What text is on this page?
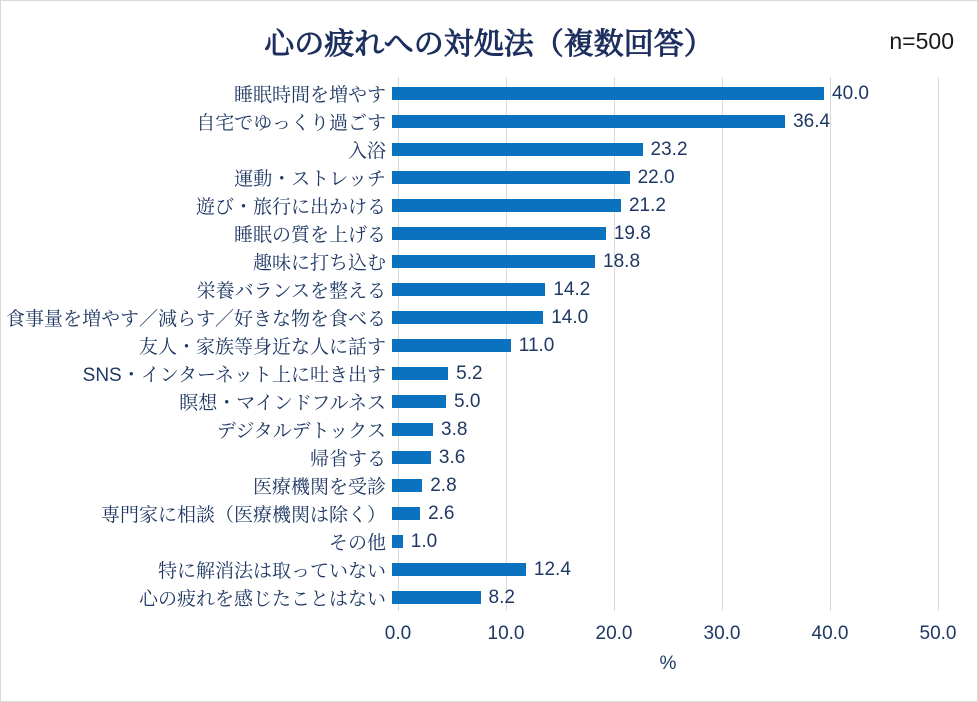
心の疲れへの対処法（複数回答）	n=500
睡眠時間を増やす	40.0
自宅でゆっくり過ごす	36.4
入浴	23.2
運動・ストレッチ	22.0
遊び・旅行に出かける	21.2
睡眠の質を上げる	19.8
趣味に打ち込む	18.8
栄養バランスを整える	14.2
食事量を増やす／減らす／好きな物を食べる	14.0
友人・家族等身近な人に話す	11.0
SNS・インターネット上に吐き出す	5.2
瞑想・マインドフルネス	5.0
デジタルデトックス	3.8
帰省する	3.6
医療機関を受診	2.8
専門家に相談（医療機関は除く）	2.6
その他	1.0
特に解消法は取っていない	12.4
心の疲れを感じたことはない	8.2
0.0	10.0	20.0	30.0	40.0	50.0
%
